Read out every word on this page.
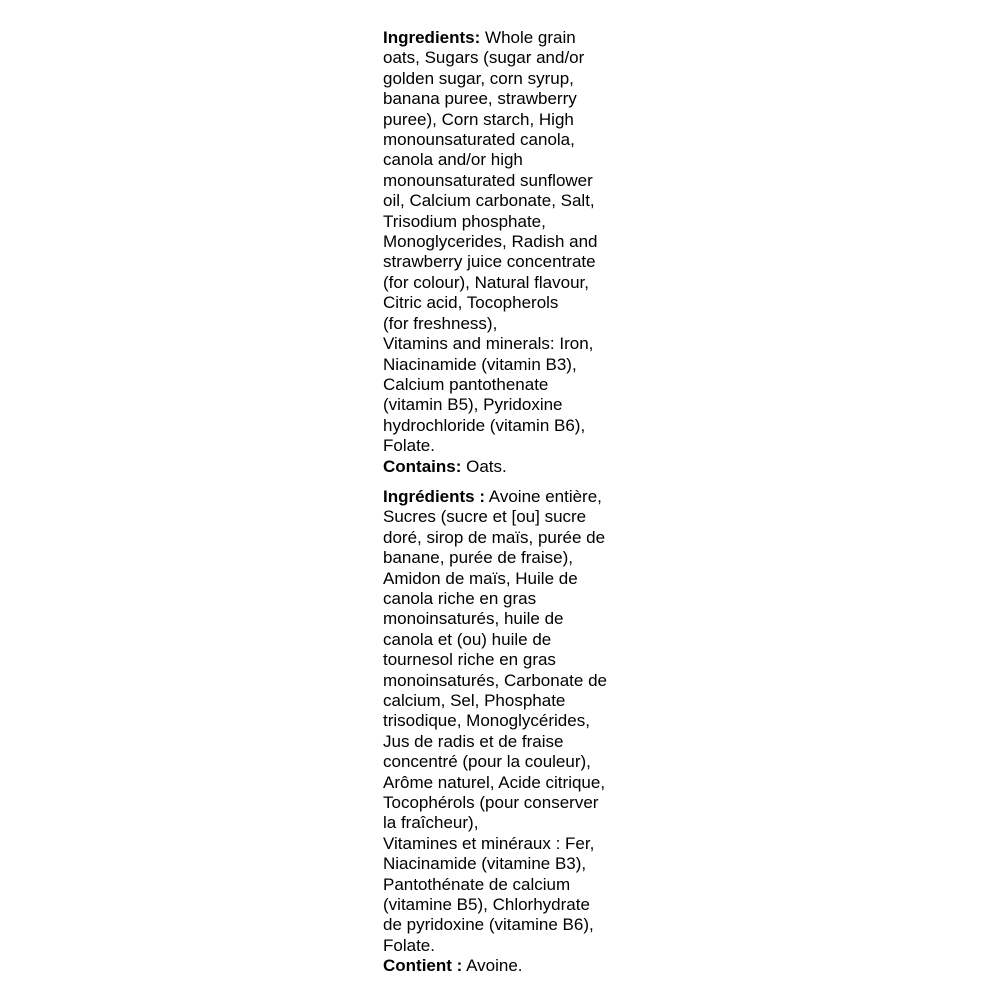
Ingredients: Whole grain
oats, Sugars (sugar and/or
golden sugar, corn syrup,
banana puree, strawberry
puree), Corn starch, High
monounsaturated canola,
canola and/or high
monounsaturated sunflower
oil, Calcium carbonate, Salt,
Trisodium phosphate,
Monoglycerides, Radish and
strawberry juice concentrate
(for colour), Natural flavour,
Citric acid, Tocopherols
(for freshness),
Vitamins and minerals: Iron,
Niacinamide (vitamin B3),
Calcium pantothenate
(vitamin B5), Pyridoxine
hydrochloride (vitamin B6),
Folate.
Contains: Oats.
Ingrédients : Avoine entière,
Sucres (sucre et [ou] sucre
doré, sirop de maïs, purée de
banane, purée de fraise),
Amidon de maïs, Huile de
canola riche en gras
monoinsaturés, huile de
canola et (ou) huile de
tournesol riche en gras
monoinsaturés, Carbonate de
calcium, Sel, Phosphate
trisodique, Monoglycérides,
Jus de radis et de fraise
concentré (pour la couleur),
Arôme naturel, Acide citrique,
Tocophérols (pour conserver
la fraîcheur),
Vitamines et minéraux : Fer,
Niacinamide (vitamine B3),
Pantothénate de calcium
(vitamine B5), Chlorhydrate
de pyridoxine (vitamine B6),
Folate.
Contient : Avoine.
